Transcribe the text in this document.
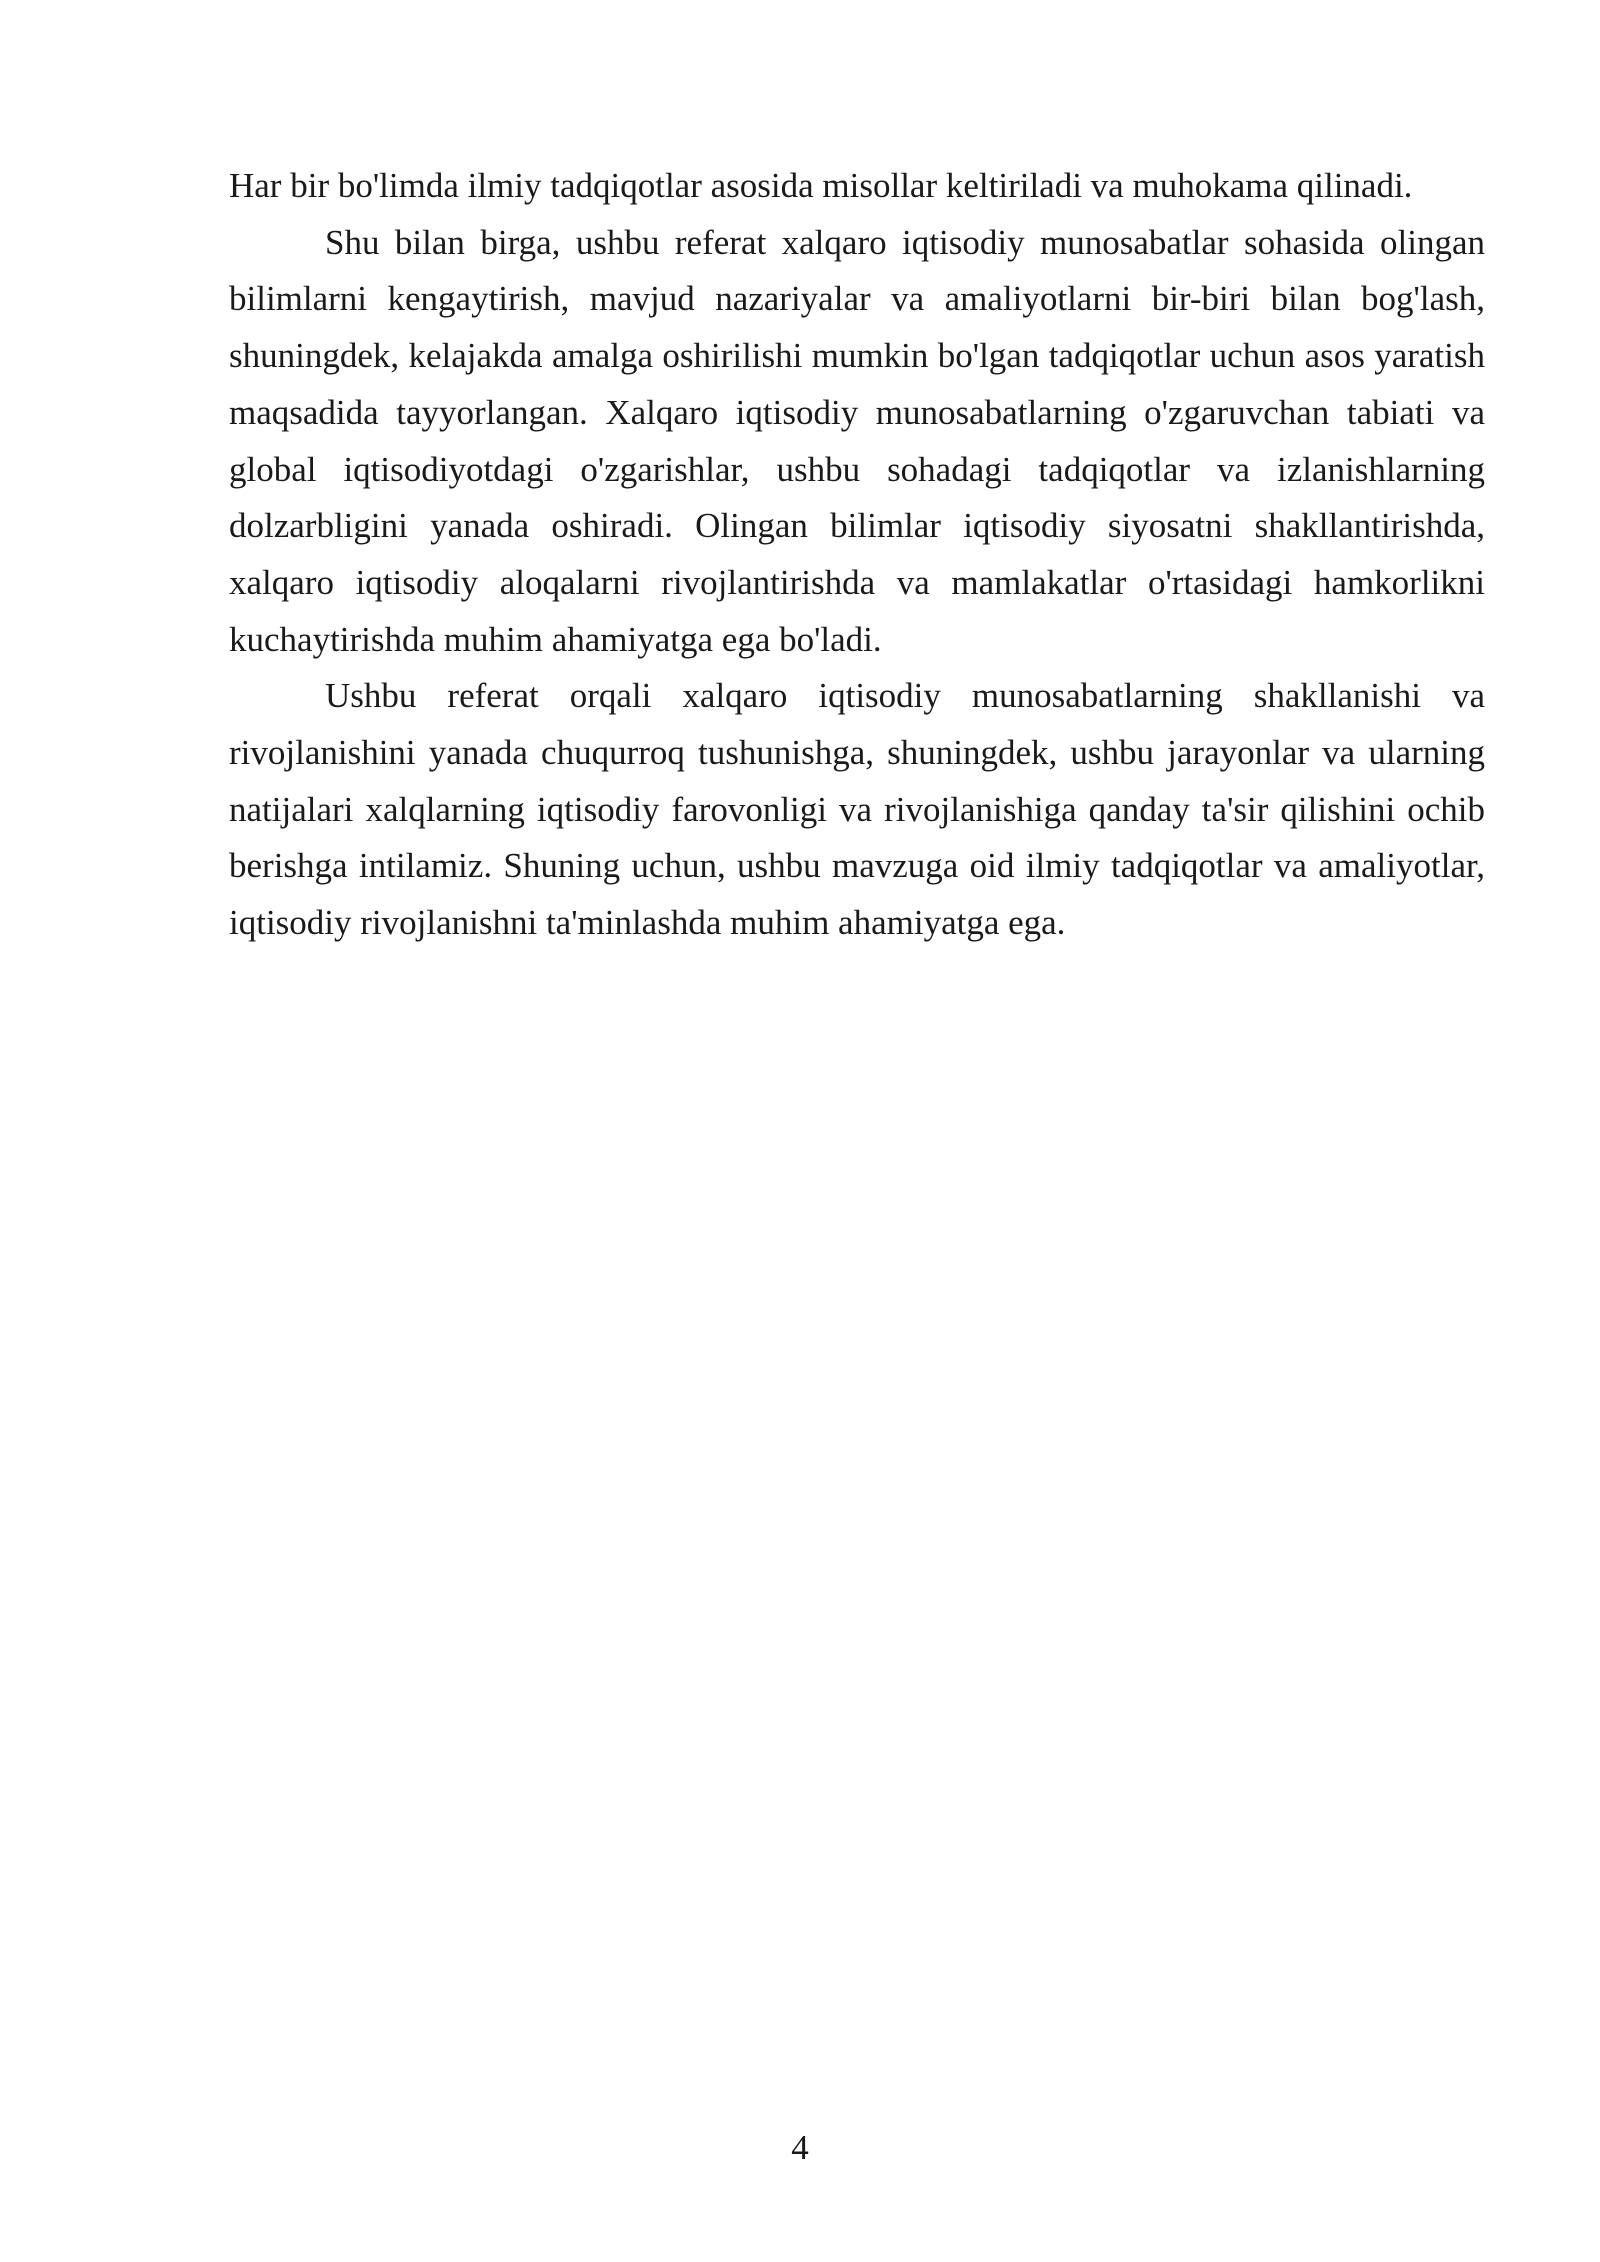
Har bir bo'limda ilmiy tadqiqotlar asosida misollar keltiriladi va muhokama qilinadi.

Shu bilan birga, ushbu referat xalqaro iqtisodiy munosabatlar sohasida olingan bilimlarni kengaytirish, mavjud nazariyalar va amaliyotlarni bir-biri bilan bog'lash, shuningdek, kelajakda amalga oshirilishi mumkin bo'lgan tadqiqotlar uchun asos yaratish maqsadida tayyorlangan. Xalqaro iqtisodiy munosabatlarning o'zgaruvchan tabiati va global iqtisodiyotdagi o'zgarishlar, ushbu sohadagi tadqiqotlar va izlanishlarning dolzarbligini yanada oshiradi. Olingan bilimlar iqtisodiy siyosatni shakllantirishda, xalqaro iqtisodiy aloqalarni rivojlantirishda va mamlakatlar o'rtasidagi hamkorlikni kuchaytirishda muhim ahamiyatga ega bo'ladi.

Ushbu referat orqali xalqaro iqtisodiy munosabatlarning shakllanishi va rivojlanishini yanada chuqurroq tushunishga, shuningdek, ushbu jarayonlar va ularning natijalari xalqlarning iqtisodiy farovonligi va rivojlanishiga qanday ta'sir qilishini ochib berishga intilamiz. Shuning uchun, ushbu mavzuga oid ilmiy tadqiqotlar va amaliyotlar, iqtisodiy rivojlanishni ta'minlashda muhim ahamiyatga ega.

4
